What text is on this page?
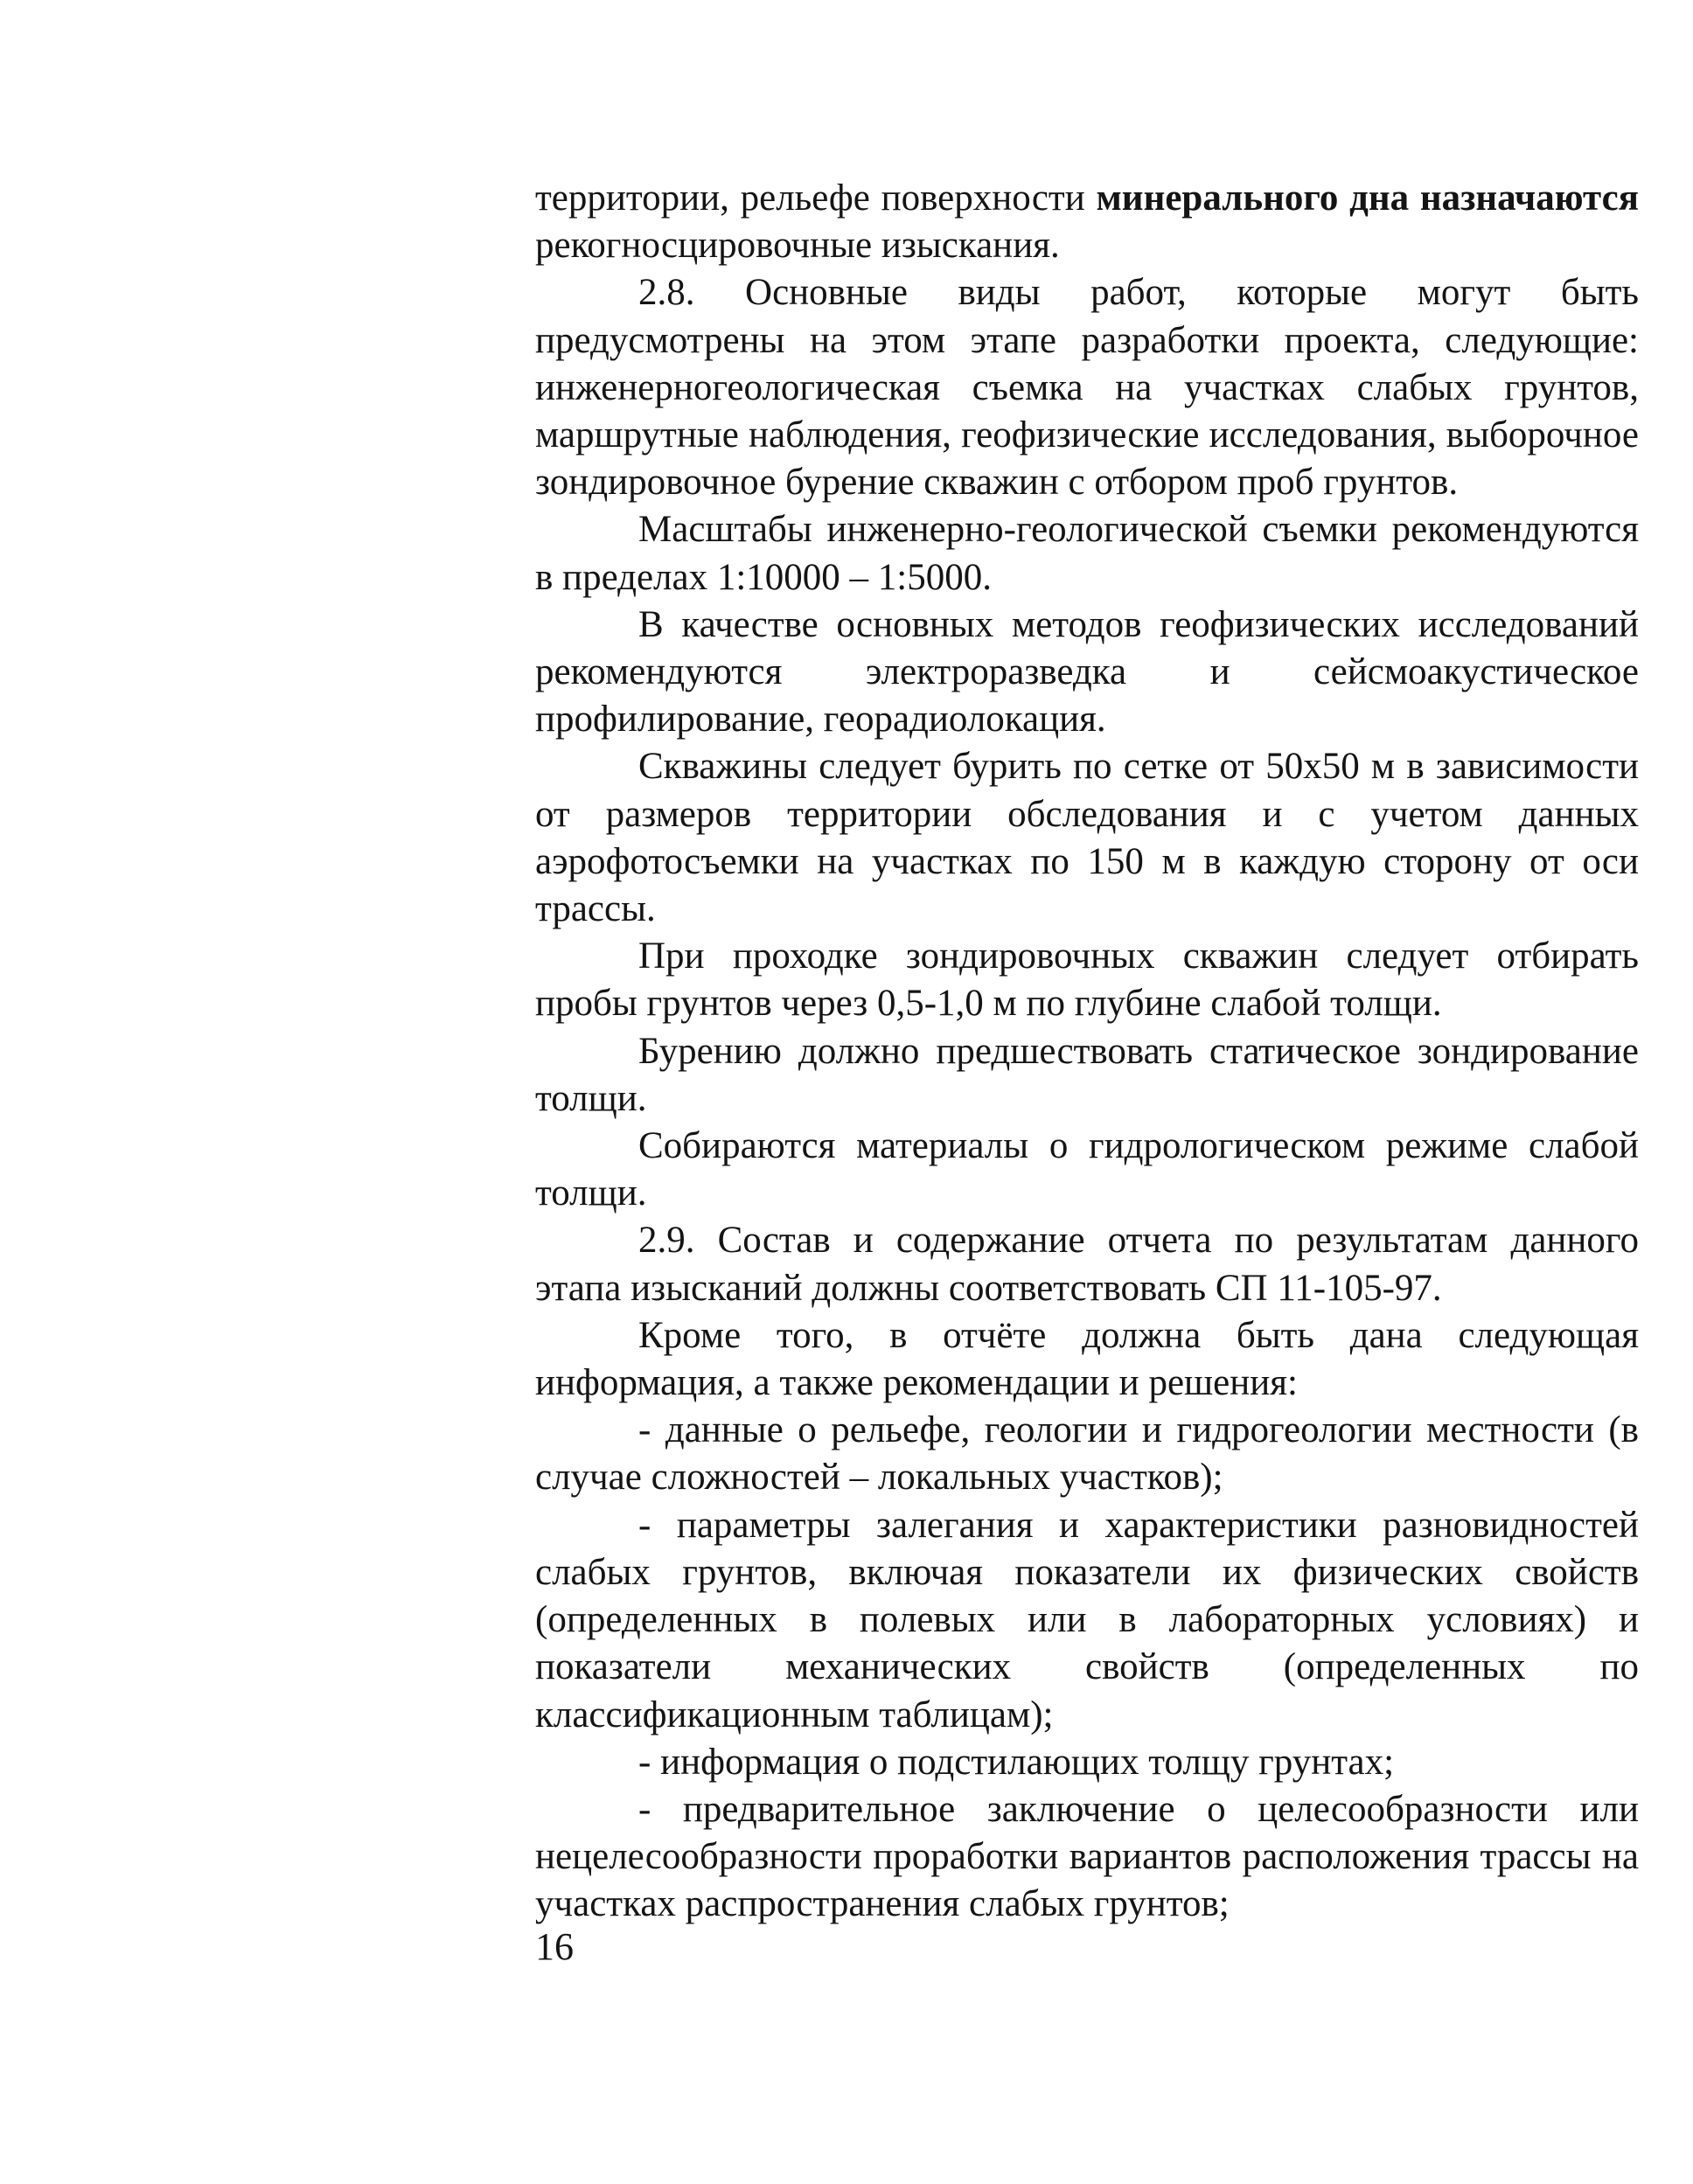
территории, рельефе поверхности минерального дна назначаются рекогносцировочные изыскания.

2.8. Основные виды работ, которые могут быть предусмотрены на этом этапе разработки проекта, следующие: инженерногеологическая съемка на участках слабых грунтов, маршрутные наблюдения, геофизические исследования, выборочное зондировочное бурение скважин с отбором проб грунтов.

Масштабы инженерно-геологической съемки рекомендуются в пределах 1:10000 – 1:5000.

В качестве основных методов геофизических исследований рекомендуются электроразведка и сейсмоакустическое профилирование, георадиолокация.

Скважины следует бурить по сетке от 50х50 м в зависимости от размеров территории обследования и с учетом данных аэрофотосъемки на участках по 150 м в каждую сторону от оси трассы.

При проходке зондировочных скважин следует отбирать пробы грунтов через 0,5-1,0 м по глубине слабой толщи.

Бурению должно предшествовать статическое зондирование толщи.

Собираются материалы о гидрологическом режиме слабой толщи.

2.9. Состав и содержание отчета по результатам данного этапа изысканий должны соответствовать СП 11-105-97.

Кроме того, в отчёте должна быть дана следующая информация, а также рекомендации и решения:

- данные о рельефе, геологии и гидрогеологии местности (в случае сложностей – локальных участков);

- параметры залегания и характеристики разновидностей слабых грунтов, включая показатели их физических свойств (определенных в полевых или в лабораторных условиях) и показатели механических свойств (определенных по классификационным таблицам);

- информация о подстилающих толщу грунтах;

- предварительное заключение о целесообразности или нецелесообразности проработки вариантов расположения трассы на участках распространения слабых грунтов;

16
